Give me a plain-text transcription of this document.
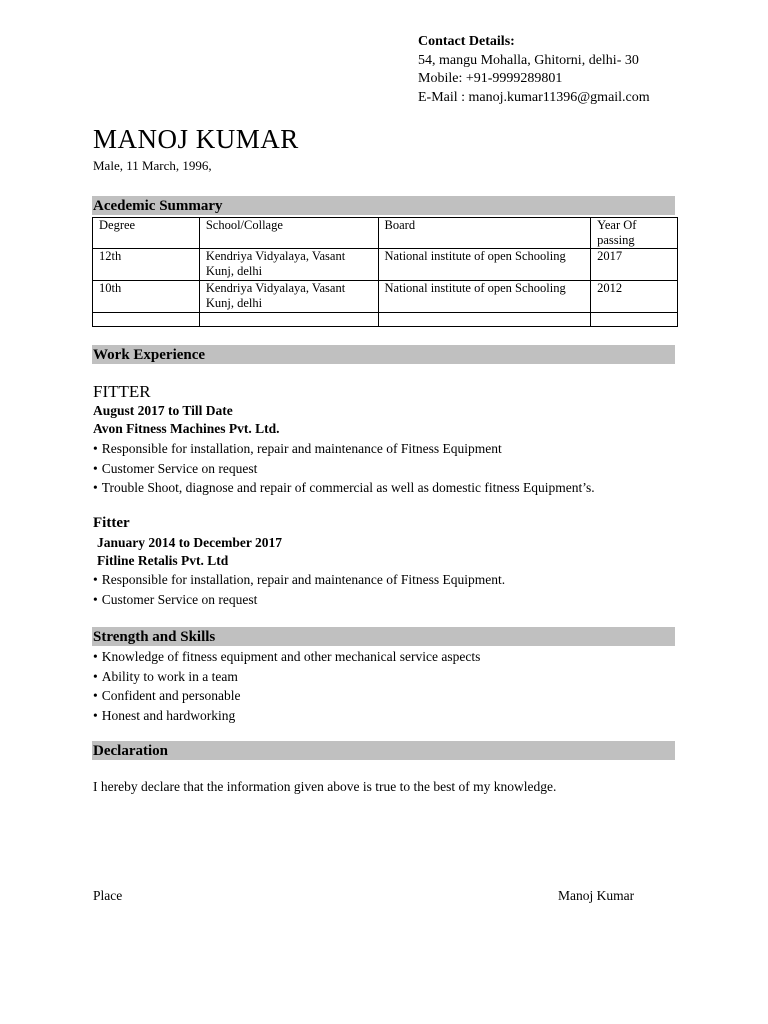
Contact Details:
54, mangu Mohalla, Ghitorni, delhi- 30
Mobile: +91-9999289801
E-Mail : manoj.kumar11396@gmail.com
MANOJ KUMAR
Male, 11 March, 1996,
Acedemic Summary
Degree	School/Collage	Board	Year Of passing
12th	Kendriya Vidyalaya, Vasant Kunj, delhi	National institute of open Schooling	2017
10th	Kendriya Vidyalaya, Vasant Kunj, delhi	National institute of open Schooling	2012

Work Experience
FITTER
August 2017 to Till Date
Avon Fitness Machines Pvt. Ltd.
• Responsible for installation, repair and maintenance of Fitness Equipment
• Customer Service on request
• Trouble Shoot, diagnose and repair of commercial as well as domestic fitness Equipment’s.
Fitter
January 2014 to December 2017
Fitline Retalis Pvt. Ltd
• Responsible for installation, repair and maintenance of Fitness Equipment.
• Customer Service on request
Strength and Skills
• Knowledge of fitness equipment and other mechanical service aspects
• Ability to work in a team
• Confident and personable
• Honest and hardworking
Declaration
I hereby declare that the information given above is true to the best of my knowledge.
Place	Manoj Kumar
